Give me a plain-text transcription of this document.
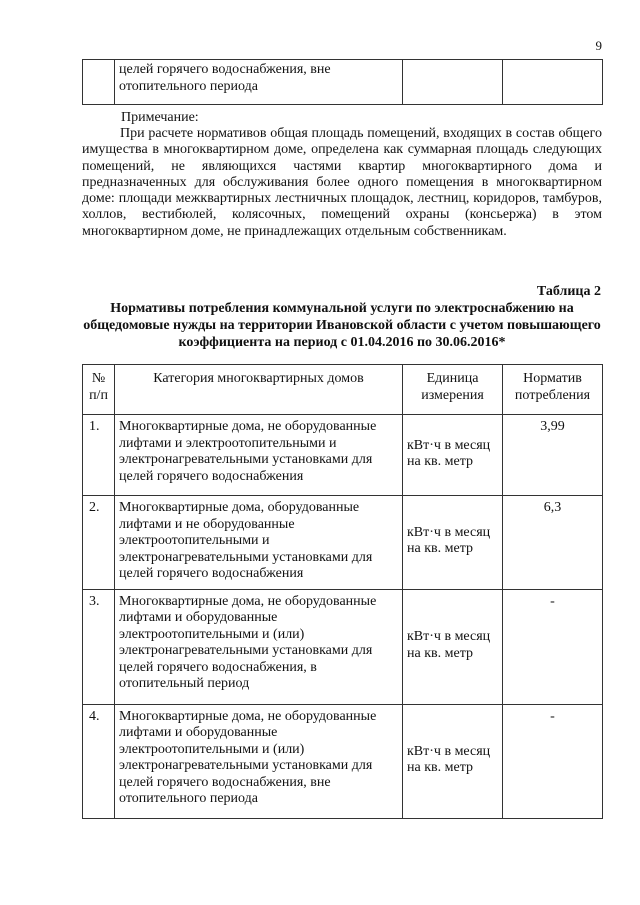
9
	целей горячего водоснабжения, вне отопительного периода		
Примечание:

При расчете нормативов общая площадь помещений, входящих в состав общего имущества в многоквартирном доме, определена как суммарная площадь следующих помещений, не являющихся частями квартир многоквартирного дома и предназначенных для обслуживания более одного помещения в многоквартирном доме: площади межквартирных лестничных площадок, лестниц, коридоров, тамбуров, холлов, вестибюлей, колясочных, помещений охраны (консьержа) в этом многоквартирном доме, не принадлежащих отдельным собственникам.

Таблица 2
Нормативы потребления коммунальной услуги по электроснабжению на общедомовые нужды на территории Ивановской области с учетом повышающего коэффициента на период с 01.04.2016 по 30.06.2016*
№ п/п	Категория многоквартирных домов	Единица измерения	Норматив потребления
1.	Многоквартирные дома, не оборудованные лифтами и электроотопительными и электронагревательными установками для целей горячего водоснабжения	кВт·ч в месяц на кв. метр	3,99
2.	Многоквартирные дома, оборудованные лифтами и не оборудованные электроотопительными и электронагревательными установками для целей горячего водоснабжения	кВт·ч в месяц на кв. метр	6,3
3.	Многоквартирные дома, не оборудованные лифтами и оборудованные электроотопительными и (или) электронагревательными установками для целей горячего водоснабжения, в отопительный период	кВт·ч в месяц на кв. метр	-
4.	Многоквартирные дома, не оборудованные лифтами и оборудованные электроотопительными и (или) электронагревательными установками для целей горячего водоснабжения, вне отопительного периода	кВт·ч в месяц на кв. метр	-
